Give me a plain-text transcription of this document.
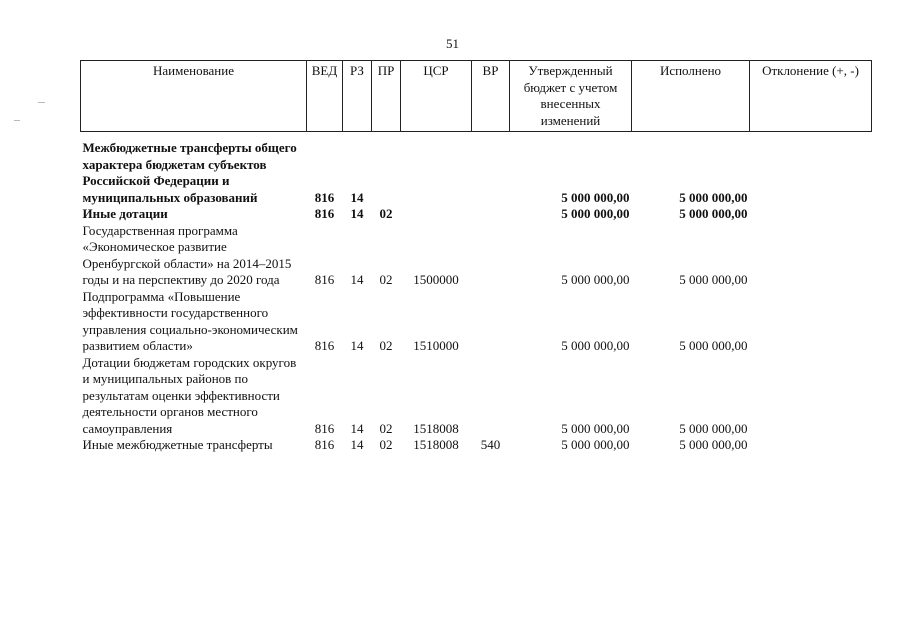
51
Наименование	ВЕД	РЗ	ПР	ЦСР	ВР	Утвержденный бюджет с учетом внесенных изменений	Исполнено	Отклонение (+, -)

Межбюджетные трансферты общего характера бюджетам субъектов Российской Федерации и муниципальных образований	816	14				5 000 000,00	5 000 000,00	
Иные дотации	816	14	02			5 000 000,00	5 000 000,00	
Государственная программа «Экономическое развитие Оренбургской области» на 2014–2015 годы и на перспективу до 2020 года	816	14	02	1500000		5 000 000,00	5 000 000,00	
Подпрограмма «Повышение эффективности государственного управления социально-экономическим развитием области»	816	14	02	1510000		5 000 000,00	5 000 000,00	
Дотации бюджетам городских округов и муниципальных районов по результатам оценки эффективности деятельности органов местного самоуправления	816	14	02	1518008		5 000 000,00	5 000 000,00	
Иные межбюджетные трансферты	816	14	02	1518008	540	5 000 000,00	5 000 000,00	
